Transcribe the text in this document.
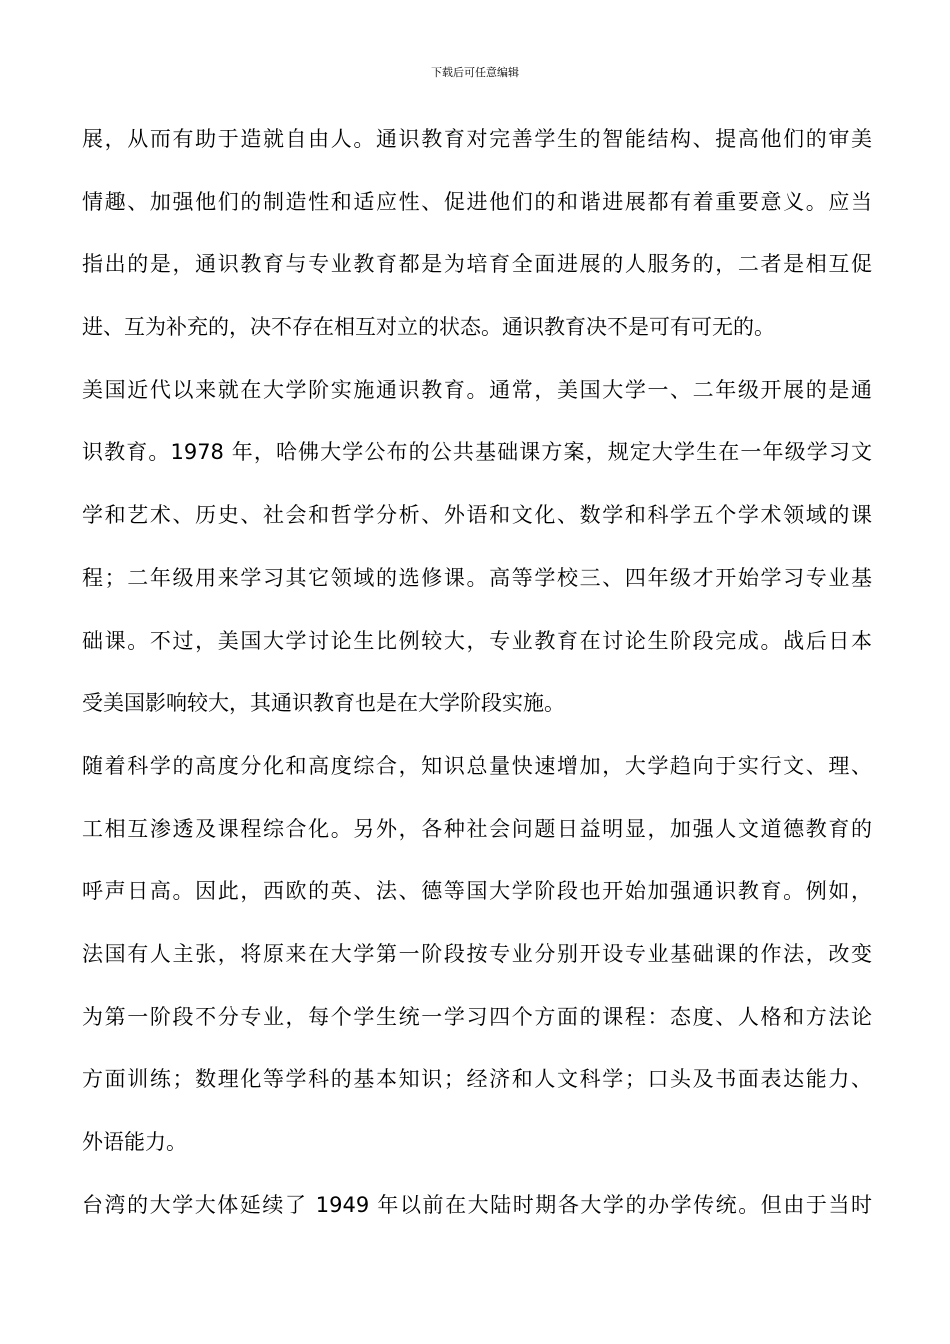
下载后可任意编辑
展，从而有助于造就自由人。通识教育对完善学生的智能结构、提高他们的审美
情趣、加强他们的制造性和适应性、促进他们的和谐进展都有着重要意义。应当
指出的是，通识教育与专业教育都是为培育全面进展的人服务的，二者是相互促
进、互为补充的，决不存在相互对立的状态。通识教育决不是可有可无的。
美国近代以来就在大学阶实施通识教育。通常，美国大学一、二年级开展的是通
识教育。1978 年，哈佛大学公布的公共基础课方案，规定大学生在一年级学习文
学和艺术、历史、社会和哲学分析、外语和文化、数学和科学五个学术领域的课
程；二年级用来学习其它领域的选修课。高等学校三、四年级才开始学习专业基
础课。不过，美国大学讨论生比例较大，专业教育在讨论生阶段完成。战后日本
受美国影响较大，其通识教育也是在大学阶段实施。
随着科学的高度分化和高度综合，知识总量快速增加，大学趋向于实行文、理、
工相互渗透及课程综合化。另外，各种社会问题日益明显，加强人文道德教育的
呼声日高。因此，西欧的英、法、德等国大学阶段也开始加强通识教育。例如，
法国有人主张，将原来在大学第一阶段按专业分别开设专业基础课的作法，改变
为第一阶段不分专业，每个学生统一学习四个方面的课程：态度、人格和方法论
方面训练；数理化等学科的基本知识；经济和人文科学；口头及书面表达能力、
外语能力。
台湾的大学大体延续了 1949 年以前在大陆时期各大学的办学传统。但由于当时
